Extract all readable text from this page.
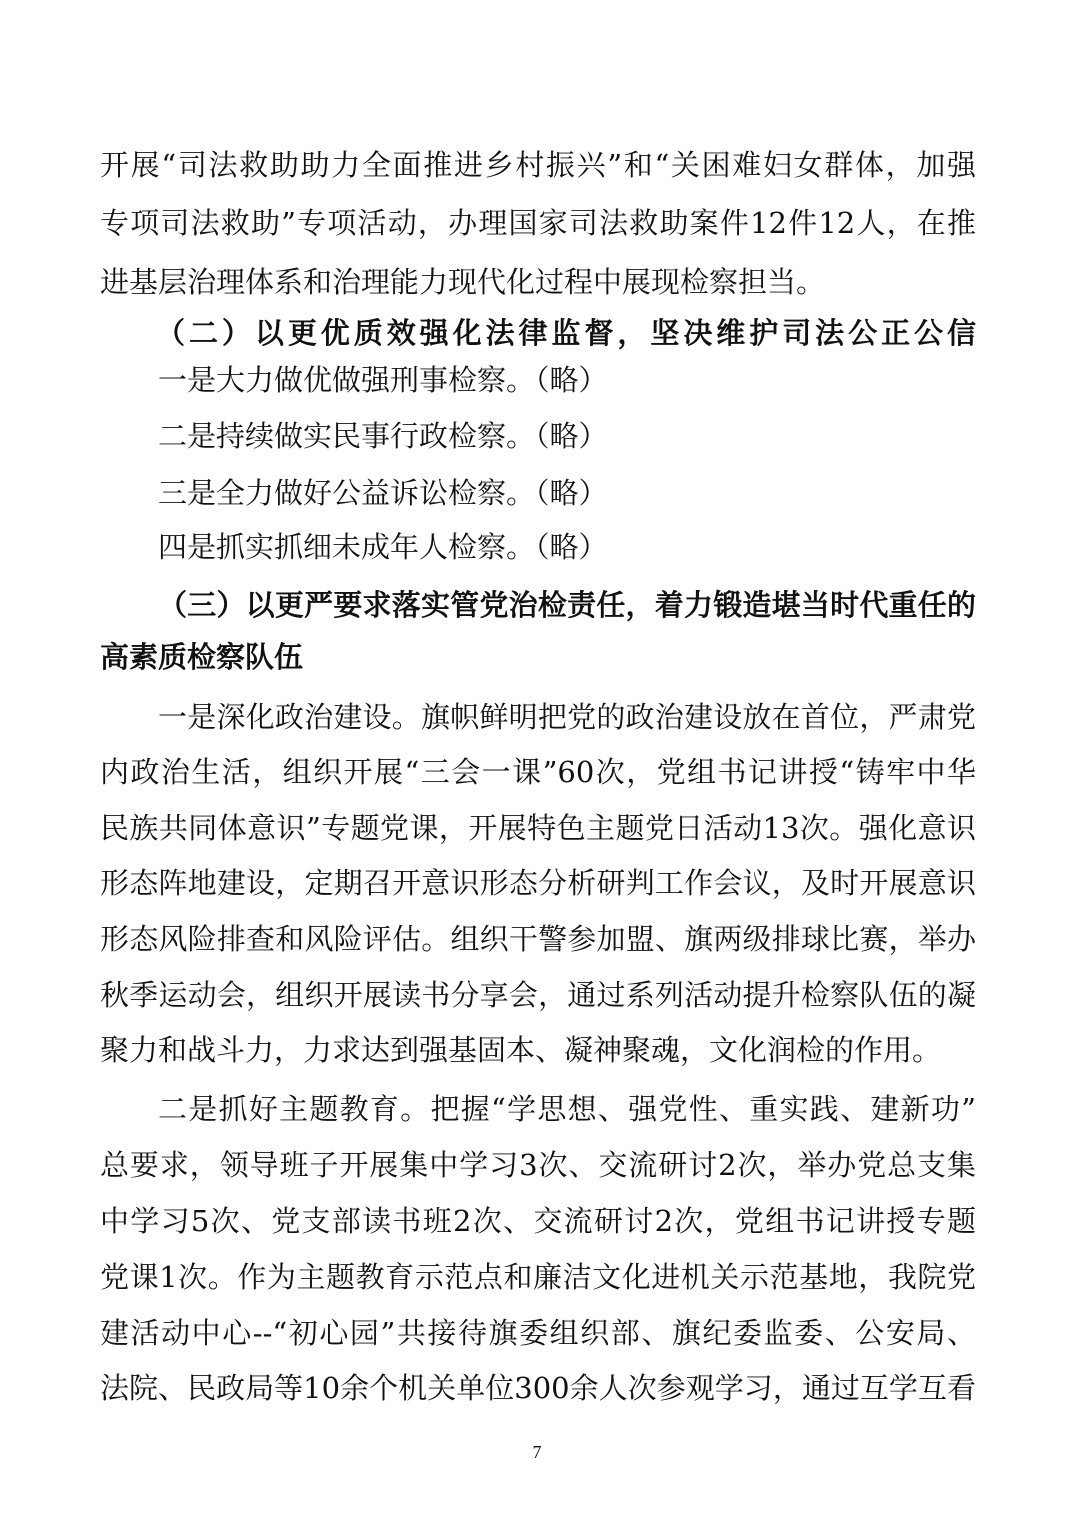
开展“司法救助助力全面推进乡村振兴”和“关困难妇女群体，加强
专项司法救助”专项活动，办理国家司法救助案件12件12人，在推
进基层治理体系和治理能力现代化过程中展现检察担当。
（二）以更优质效强化法律监督，坚决维护司法公正公信
一是大力做优做强刑事检察。（略）
二是持续做实民事行政检察。（略）
三是全力做好公益诉讼检察。（略）
四是抓实抓细未成年人检察。（略）
（三）以更严要求落实管党治检责任，着力锻造堪当时代重任的
高素质检察队伍
一是深化政治建设。旗帜鲜明把党的政治建设放在首位，严肃党
内政治生活，组织开展“三会一课”60次，党组书记讲授“铸牢中华
民族共同体意识”专题党课，开展特色主题党日活动13次。强化意识
形态阵地建设，定期召开意识形态分析研判工作会议，及时开展意识
形态风险排查和风险评估。组织干警参加盟、旗两级排球比赛，举办
秋季运动会，组织开展读书分享会，通过系列活动提升检察队伍的凝
聚力和战斗力，力求达到强基固本、凝神聚魂，文化润检的作用。
二是抓好主题教育。把握“学思想、强党性、重实践、建新功”
总要求，领导班子开展集中学习3次、交流研讨2次，举办党总支集
中学习5次、党支部读书班2次、交流研讨2次，党组书记讲授专题
党课1次。作为主题教育示范点和廉洁文化进机关示范基地，我院党
建活动中心--“初心园”共接待旗委组织部、旗纪委监委、公安局、
法院、民政局等10余个机关单位300余人次参观学习，通过互学互看
7
